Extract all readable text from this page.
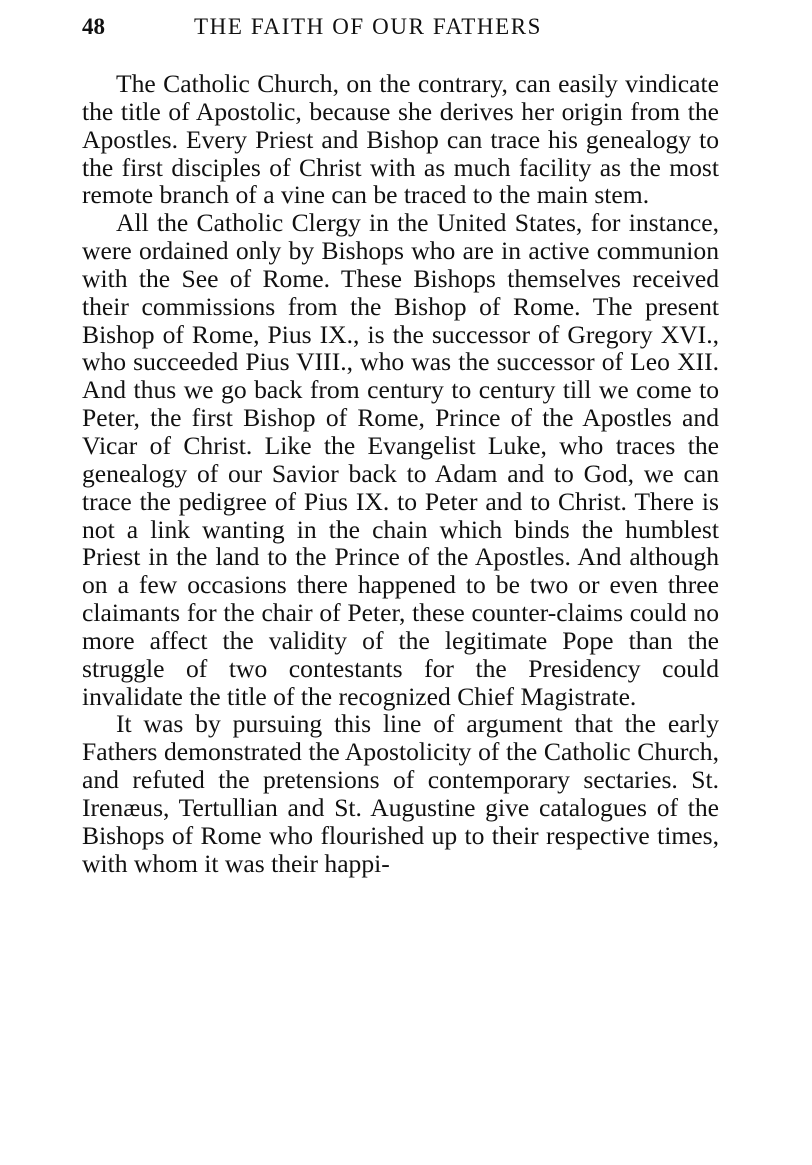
48	THE FAITH OF OUR FATHERS

The Catholic Church, on the contrary, can easily vindicate the title of Apostolic, because she derives her origin from the Apostles. Every Priest and Bishop can trace his genealogy to the first disciples of Christ with as much facility as the most remote branch of a vine can be traced to the main stem.

All the Catholic Clergy in the United States, for instance, were ordained only by Bishops who are in active communion with the See of Rome. These Bishops themselves received their commissions from the Bishop of Rome. The present Bishop of Rome, Pius IX., is the successor of Gregory XVI., who succeeded Pius VIII., who was the successor of Leo XII. And thus we go back from century to century till we come to Peter, the first Bishop of Rome, Prince of the Apostles and Vicar of Christ. Like the Evangelist Luke, who traces the genealogy of our Savior back to Adam and to God, we can trace the pedigree of Pius IX. to Peter and to Christ. There is not a link wanting in the chain which binds the humblest Priest in the land to the Prince of the Apostles. And although on a few occasions there happened to be two or even three claimants for the chair of Peter, these counter-claims could no more affect the validity of the legitimate Pope than the struggle of two contestants for the Presidency could invalidate the title of the recognized Chief Magistrate.

It was by pursuing this line of argument that the early Fathers demonstrated the Apostolicity of the Catholic Church, and refuted the pretensions of contemporary sectaries. St. Irenæus, Tertullian and St. Augustine give catalogues of the Bishops of Rome who flourished up to their respective times, with whom it was their happi-
